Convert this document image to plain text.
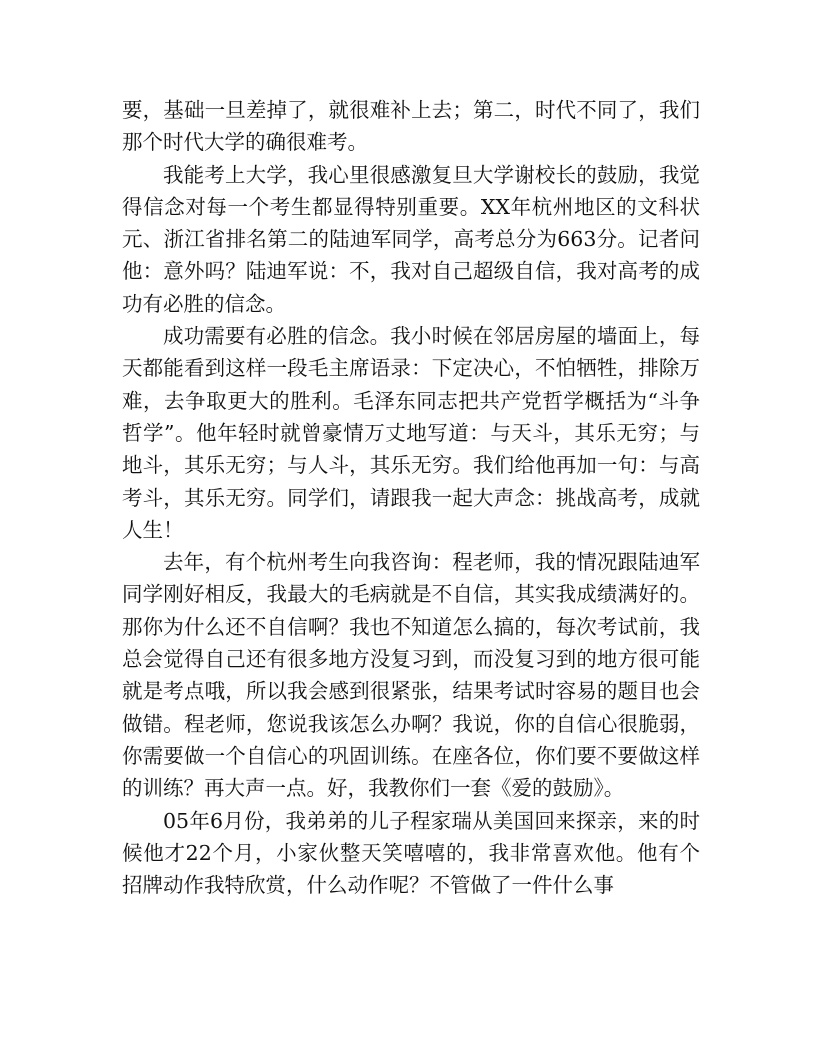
要，基础一旦差掉了，就很难补上去；第二，时代不同了，我们那个时代大学的确很难考。

我能考上大学，我心里很感激复旦大学谢校长的鼓励，我觉得信念对每一个考生都显得特别重要。XX年杭州地区的文科状元、浙江省排名第二的陆迪军同学，高考总分为663分。记者问他：意外吗？陆迪军说：不，我对自己超级自信，我对高考的成功有必胜的信念。

成功需要有必胜的信念。我小时候在邻居房屋的墙面上，每天都能看到这样一段毛主席语录：下定决心，不怕牺牲，排除万难，去争取更大的胜利。毛泽东同志把共产党哲学概括为“斗争哲学”。他年轻时就曾豪情万丈地写道：与天斗，其乐无穷；与地斗，其乐无穷；与人斗，其乐无穷。我们给他再加一句：与高考斗，其乐无穷。同学们，请跟我一起大声念：挑战高考，成就人生！

去年，有个杭州考生向我咨询：程老师，我的情况跟陆迪军同学刚好相反，我最大的毛病就是不自信，其实我成绩满好的。那你为什么还不自信啊？我也不知道怎么搞的，每次考试前，我总会觉得自己还有很多地方没复习到，而没复习到的地方很可能就是考点哦，所以我会感到很紧张，结果考试时容易的题目也会做错。程老师，您说我该怎么办啊？我说，你的自信心很脆弱，你需要做一个自信心的巩固训练。在座各位，你们要不要做这样的训练？再大声一点。好，我教你们一套《爱的鼓励》。

05年6月份，我弟弟的儿子程家瑞从美国回来探亲，来的时候他才22个月，小家伙整天笑嘻嘻的，我非常喜欢他。他有个招牌动作我特欣赏，什么动作呢？不管做了一件什么事
